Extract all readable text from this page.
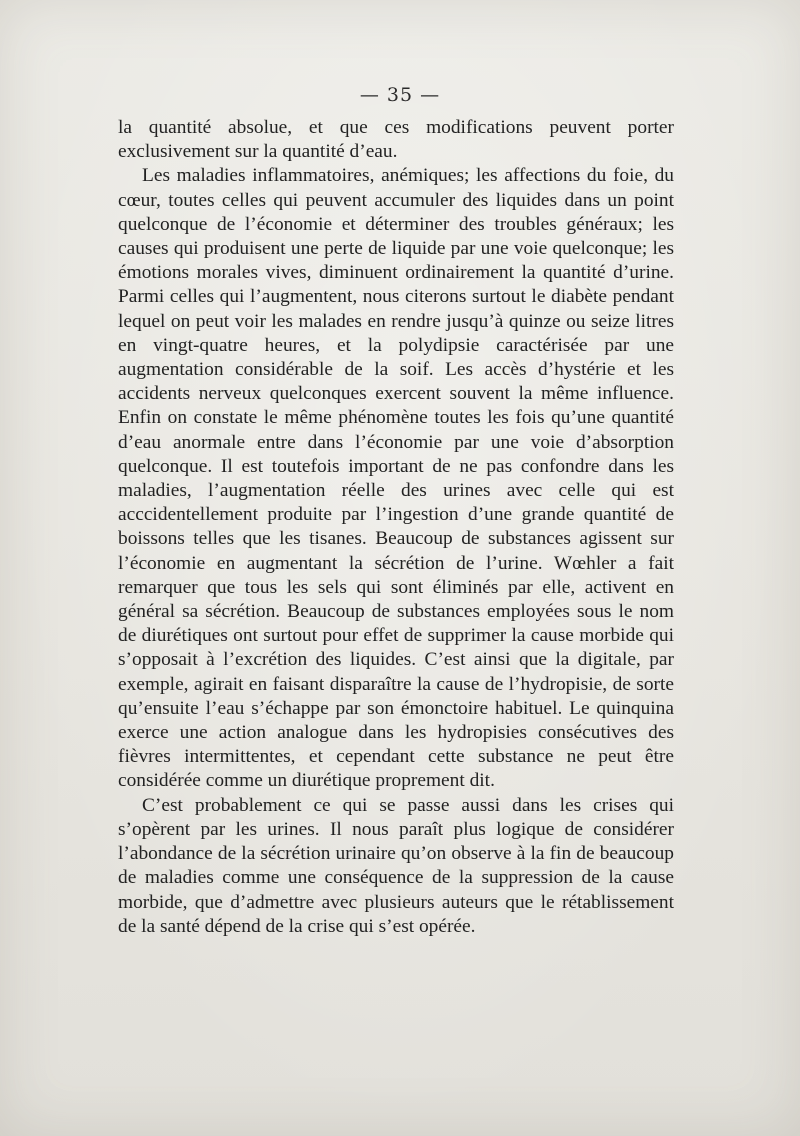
— 35 —

la quantité absolue, et que ces modifications peuvent porter exclusivement sur la quantité d’eau.

Les maladies inflammatoires, anémiques; les affections du foie, du cœur, toutes celles qui peuvent accumuler des liquides dans un point quelconque de l’économie et déterminer des troubles généraux; les causes qui produisent une perte de liquide par une voie quelconque; les émotions morales vives, diminuent ordinairement la quantité d’urine. Parmi celles qui l’augmentent, nous citerons surtout le diabète pendant lequel on peut voir les malades en rendre jusqu’à quinze ou seize litres en vingt-quatre heures, et la polydipsie caractérisée par une augmentation considérable de la soif. Les accès d’hystérie et les accidents nerveux quelconques exercent souvent la même influence. Enfin on constate le même phénomène toutes les fois qu’une quantité d’eau anormale entre dans l’économie par une voie d’absorption quelconque. Il est toutefois important de ne pas confondre dans les maladies, l’augmentation réelle des urines avec celle qui est acccidentellement produite par l’ingestion d’une grande quantité de boissons telles que les tisanes. Beaucoup de substances agissent sur l’économie en augmentant la sécrétion de l’urine. Wœhler a fait remarquer que tous les sels qui sont éliminés par elle, activent en général sa sécrétion. Beaucoup de substances employées sous le nom de diurétiques ont surtout pour effet de supprimer la cause morbide qui s’opposait à l’excrétion des liquides. C’est ainsi que la digitale, par exemple, agirait en faisant disparaître la cause de l’hydropisie, de sorte qu’ensuite l’eau s’échappe par son émonctoire habituel. Le quinquina exerce une action analogue dans les hydropisies consécutives des fièvres intermittentes, et cependant cette substance ne peut être considérée comme un diurétique proprement dit.

C’est probablement ce qui se passe aussi dans les crises qui s’opèrent par les urines. Il nous paraît plus logique de considérer l’abondance de la sécrétion urinaire qu’on observe à la fin de beaucoup de maladies comme une conséquence de la suppression de la cause morbide, que d’admettre avec plusieurs auteurs que le rétablissement de la santé dépend de la crise qui s’est opérée.
